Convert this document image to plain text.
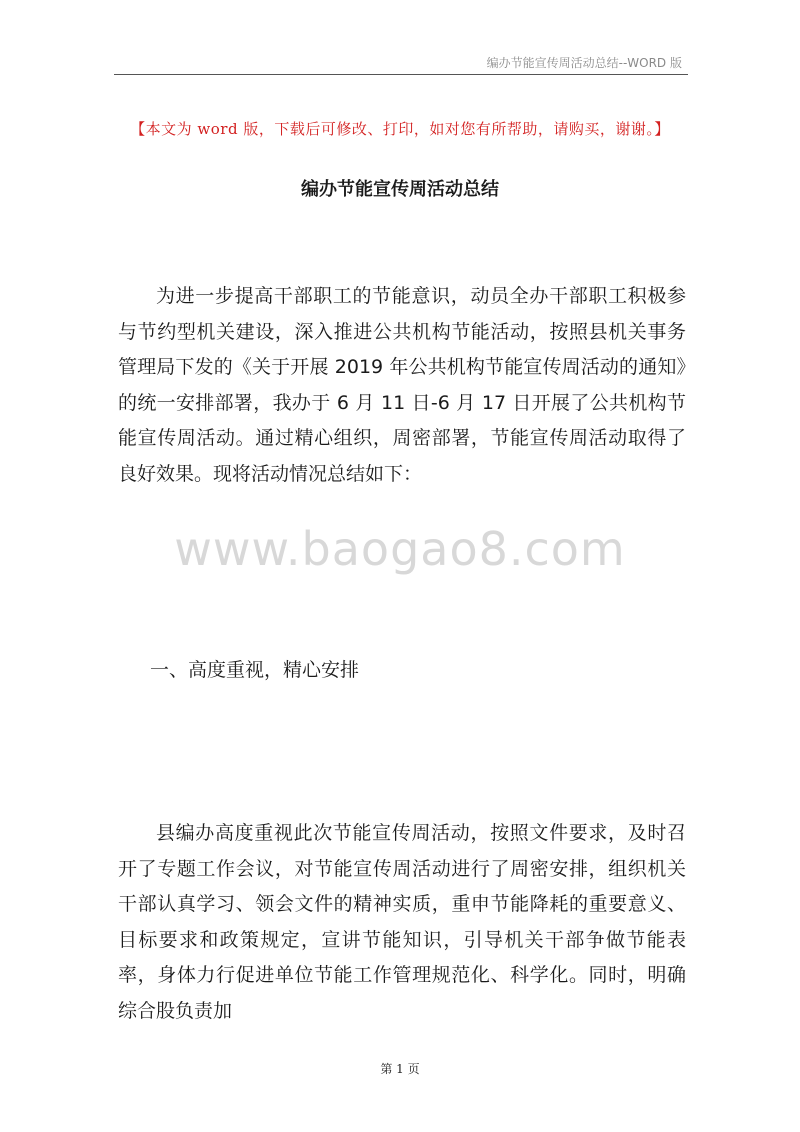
编办节能宣传周活动总结--WORD 版
【本文为 word 版，下载后可修改、打印，如对您有所帮助，请购买，谢谢。】
编办节能宣传周活动总结
为进一步提高干部职工的节能意识，动员全办干部职工积极参与节约型机关建设，深入推进公共机构节能活动，按照县机关事务管理局下发的《关于开展 2019 年公共机构节能宣传周活动的通知》的统一安排部署，我办于 6 月 11 日-6 月 17 日开展了公共机构节能宣传周活动。通过精心组织，周密部署，节能宣传周活动取得了良好效果。现将活动情况总结如下：
www.baogao8.com
一、高度重视，精心安排
县编办高度重视此次节能宣传周活动，按照文件要求，及时召开了专题工作会议，对节能宣传周活动进行了周密安排，组织机关干部认真学习、领会文件的精神实质，重申节能降耗的重要意义、目标要求和政策规定，宣讲节能知识，引导机关干部争做节能表率，身体力行促进单位节能工作管理规范化、科学化。同时，明确综合股负责加
第 1 页
